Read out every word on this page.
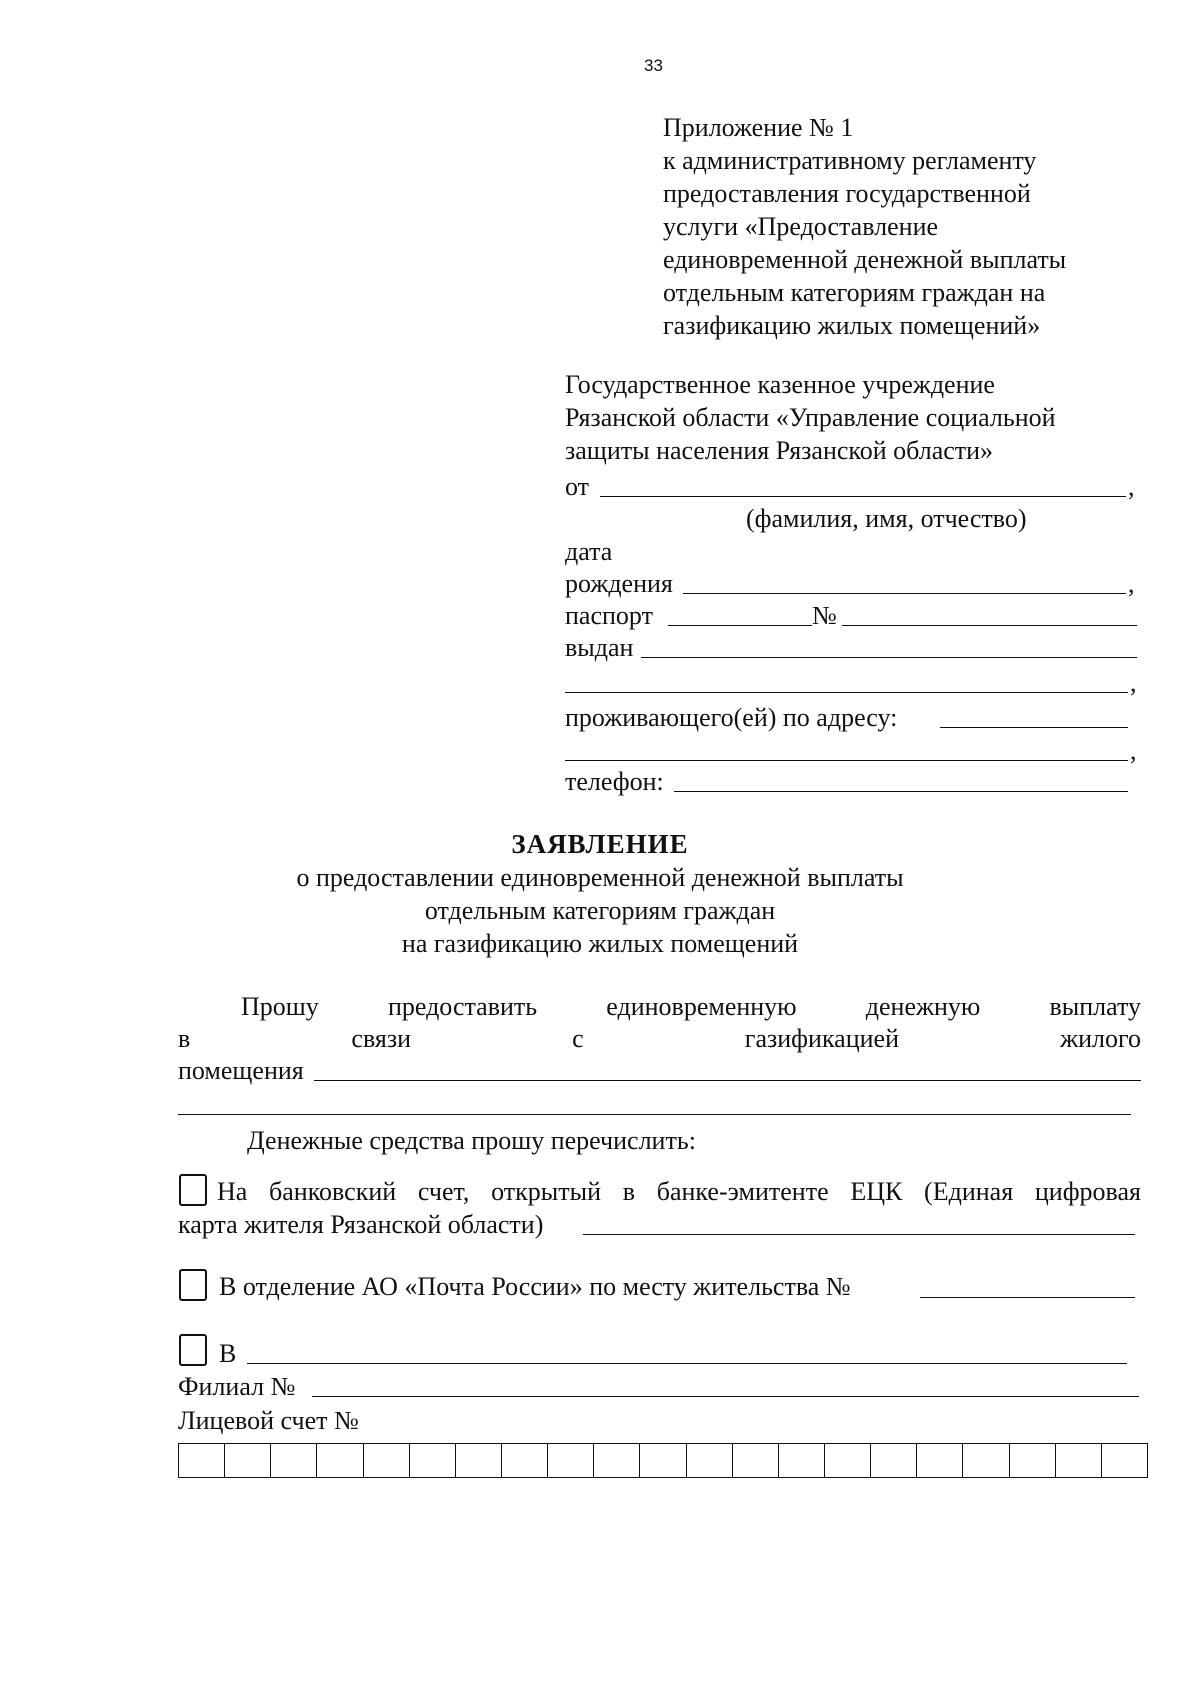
33
Приложение № 1
к административному регламенту
предоставления государственной
услуги «Предоставление
единовременной денежной выплаты
отдельным категориям граждан на
газификацию жилых помещений»
Государственное казенное учреждение
Рязанской области «Управление социальной
защиты населения Рязанской области»
от	,
(фамилия, имя, отчество)
дата
рождения	,
паспорт	№
выдан
,
проживающего(ей) по адресу:
,
телефон:
ЗАЯВЛЕНИЕ
о предоставлении единовременной денежной выплаты
отдельным категориям граждан
на газификацию жилых помещений
Прошу предоставить единовременную денежную выплату
в связи с газификацией жилого
помещения
Денежные средства прошу перечислить:
На банковский счет, открытый в банке-эмитенте ЕЦК (Единая цифровая
карта жителя Рязанской области)
В отделение АО «Почта России» по месту жительства №
В
Филиал №
Лицевой счет №
